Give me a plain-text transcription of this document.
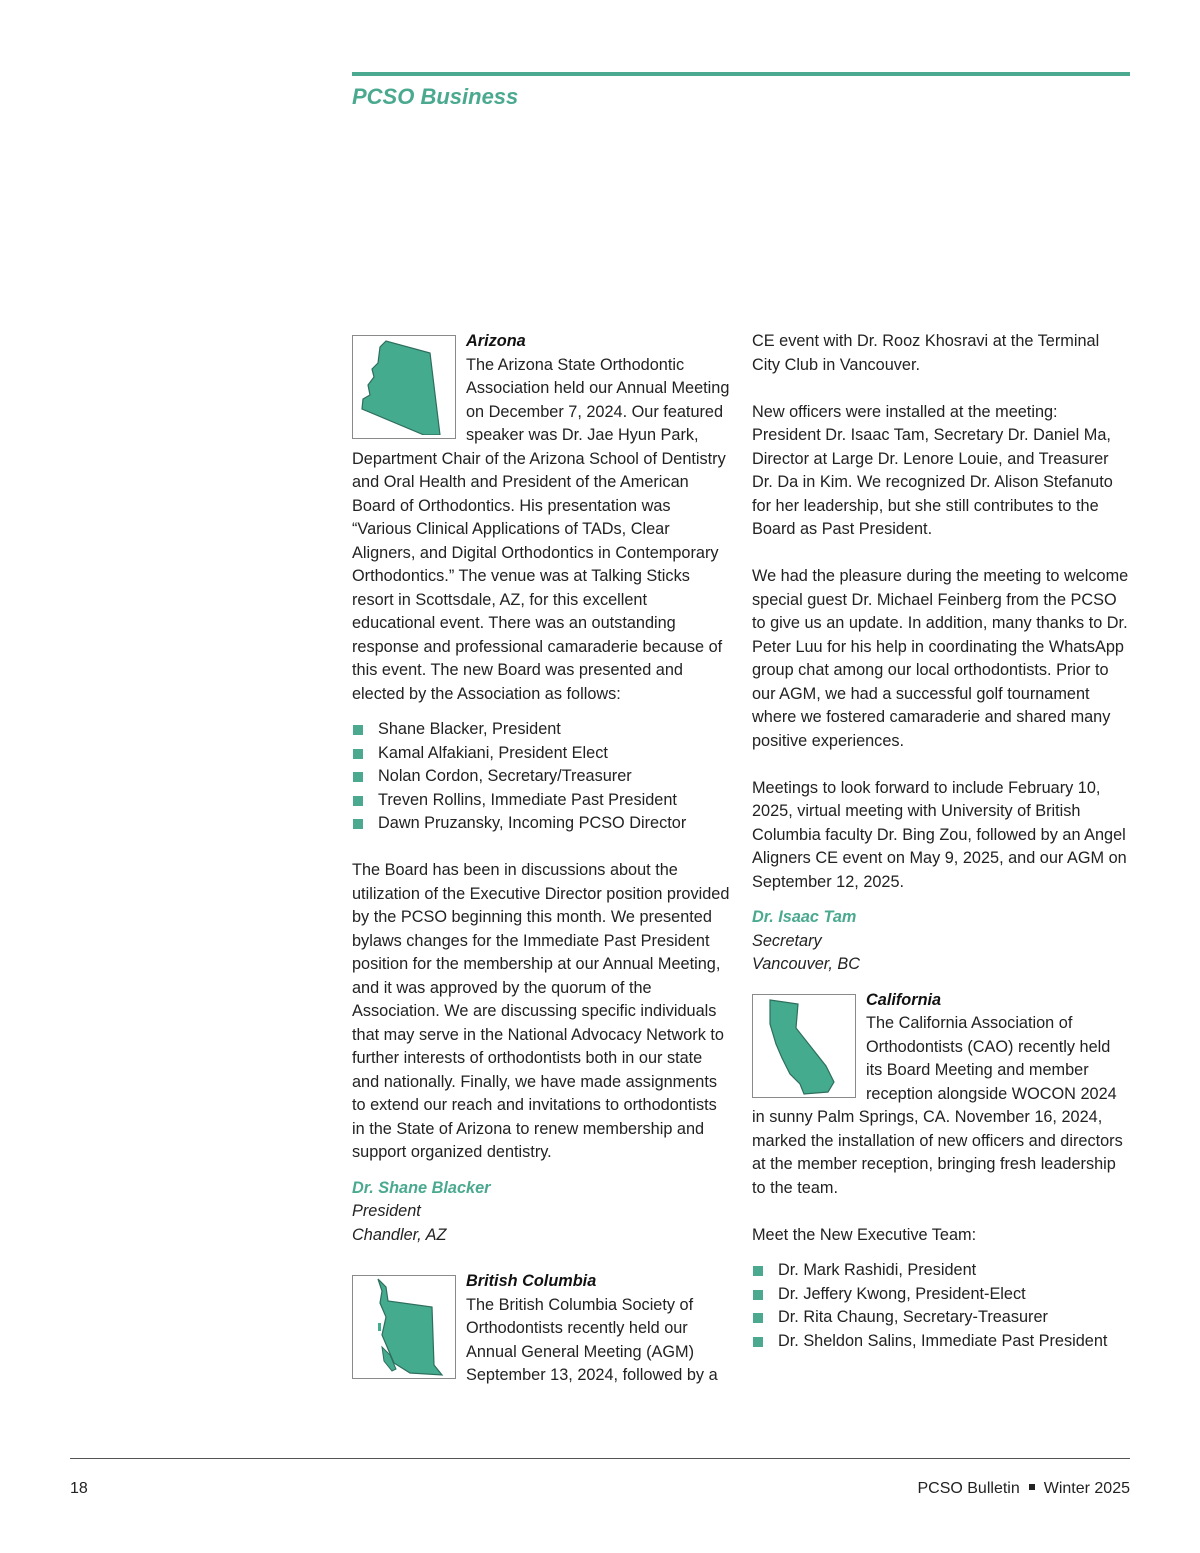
PCSO Business

Arizona

The Arizona State Orthodontic Association held our Annual Meeting on December 7, 2024. Our featured speaker was Dr. Jae Hyun Park, Department Chair of the Arizona School of Dentistry and Oral Health and President of the American Board of Orthodontics. His presentation was “Various Clinical Applications of TADs, Clear Aligners, and Digital Orthodontics in Contemporary Orthodontics.” The venue was at Talking Sticks resort in Scottsdale, AZ, for this excellent educational event. There was an outstanding response and professional camaraderie because of this event. The new Board was presented and elected by the Association as follows:

Shane Blacker, President
Kamal Alfakiani, President Elect
Nolan Cordon, Secretary/Treasurer
Treven Rollins, Immediate Past President
Dawn Pruzansky, Incoming PCSO Director

The Board has been in discussions about the utilization of the Executive Director position provided by the PCSO beginning this month. We presented bylaws changes for the Immediate Past President position for the membership at our Annual Meeting, and it was approved by the quorum of the Association. We are discussing specific individuals that may serve in the National Advocacy Network to further interests of orthodontists both in our state and nationally. Finally, we have made assignments to extend our reach and invitations to orthodontists in the State of Arizona to renew membership and support organized dentistry.

Dr. Shane Blacker

President

Chandler, AZ

British Columbia

The British Columbia Society of Orthodontists recently held our Annual General Meeting (AGM) September 13, 2024, followed by a

CE event with Dr. Rooz Khosravi at the Terminal City Club in Vancouver.

New officers were installed at the meeting: President Dr. Isaac Tam, Secretary Dr. Daniel Ma, Director at Large Dr. Lenore Louie, and Treasurer Dr. Da in Kim. We recognized Dr. Alison Stefanuto for her leadership, but she still contributes to the Board as Past President.

We had the pleasure during the meeting to welcome special guest Dr. Michael Feinberg from the PCSO to give us an update. In addition, many thanks to Dr. Peter Luu for his help in coordinating the WhatsApp group chat among our local orthodontists. Prior to our AGM, we had a successful golf tournament where we fostered camaraderie and shared many positive experiences.

Meetings to look forward to include February 10, 2025, virtual meeting with University of British Columbia faculty Dr. Bing Zou, followed by an Angel Aligners CE event on May 9, 2025, and our AGM on September 12, 2025.

Dr. Isaac Tam

Secretary

Vancouver, BC

California

The California Association of Orthodontists (CAO) recently held its Board Meeting and member reception alongside WOCON 2024 in sunny Palm Springs, CA. November 16, 2024, marked the installation of new officers and directors at the member reception, bringing fresh leadership to the team.

Meet the New Executive Team:

Dr. Mark Rashidi, President
Dr. Jeffery Kwong, President-Elect
Dr. Rita Chaung, Secretary-Treasurer
Dr. Sheldon Salins, Immediate Past President
18	PCSO Bulletin Winter 2025
